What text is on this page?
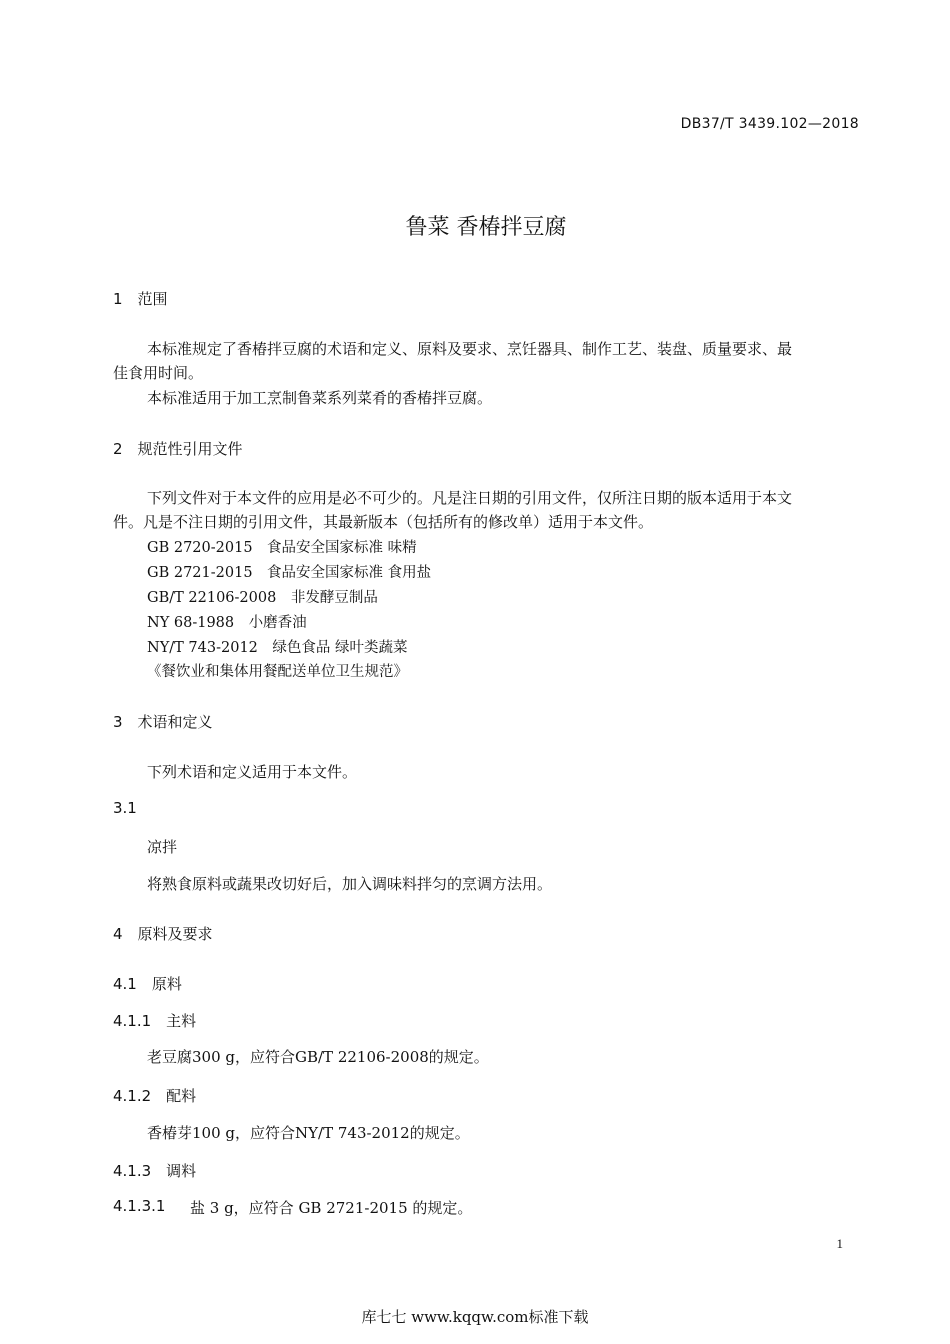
DB37/T 3439.102—2018
鲁菜 香椿拌豆腐
1　范围
本标准规定了香椿拌豆腐的术语和定义、原料及要求、烹饪器具、制作工艺、装盘、质量要求、最
佳食用时间。
本标准适用于加工烹制鲁菜系列菜肴的香椿拌豆腐。
2　规范性引用文件
下列文件对于本文件的应用是必不可少的。凡是注日期的引用文件，仅所注日期的版本适用于本文
件。凡是不注日期的引用文件，其最新版本（包括所有的修改单）适用于本文件。
GB 2720-2015　食品安全国家标准 味精
GB 2721-2015　食品安全国家标准 食用盐
GB/T 22106-2008　非发酵豆制品
NY 68-1988　小磨香油
NY/T 743-2012　绿色食品 绿叶类蔬菜
《餐饮业和集体用餐配送单位卫生规范》
3　术语和定义
下列术语和定义适用于本文件。
3.1
凉拌
将熟食原料或蔬果改切好后，加入调味料拌匀的烹调方法用。
4　原料及要求
4.1　原料
4.1.1　主料
老豆腐300 g，应符合GB/T 22106-2008的规定。
4.1.2　配料
香椿芽100 g，应符合NY/T 743-2012的规定。
4.1.3　调料
4.1.3.1 盐 3 g，应符合 GB 2721-2015 的规定。
1
库七七 www.kqqw.com标准下载
